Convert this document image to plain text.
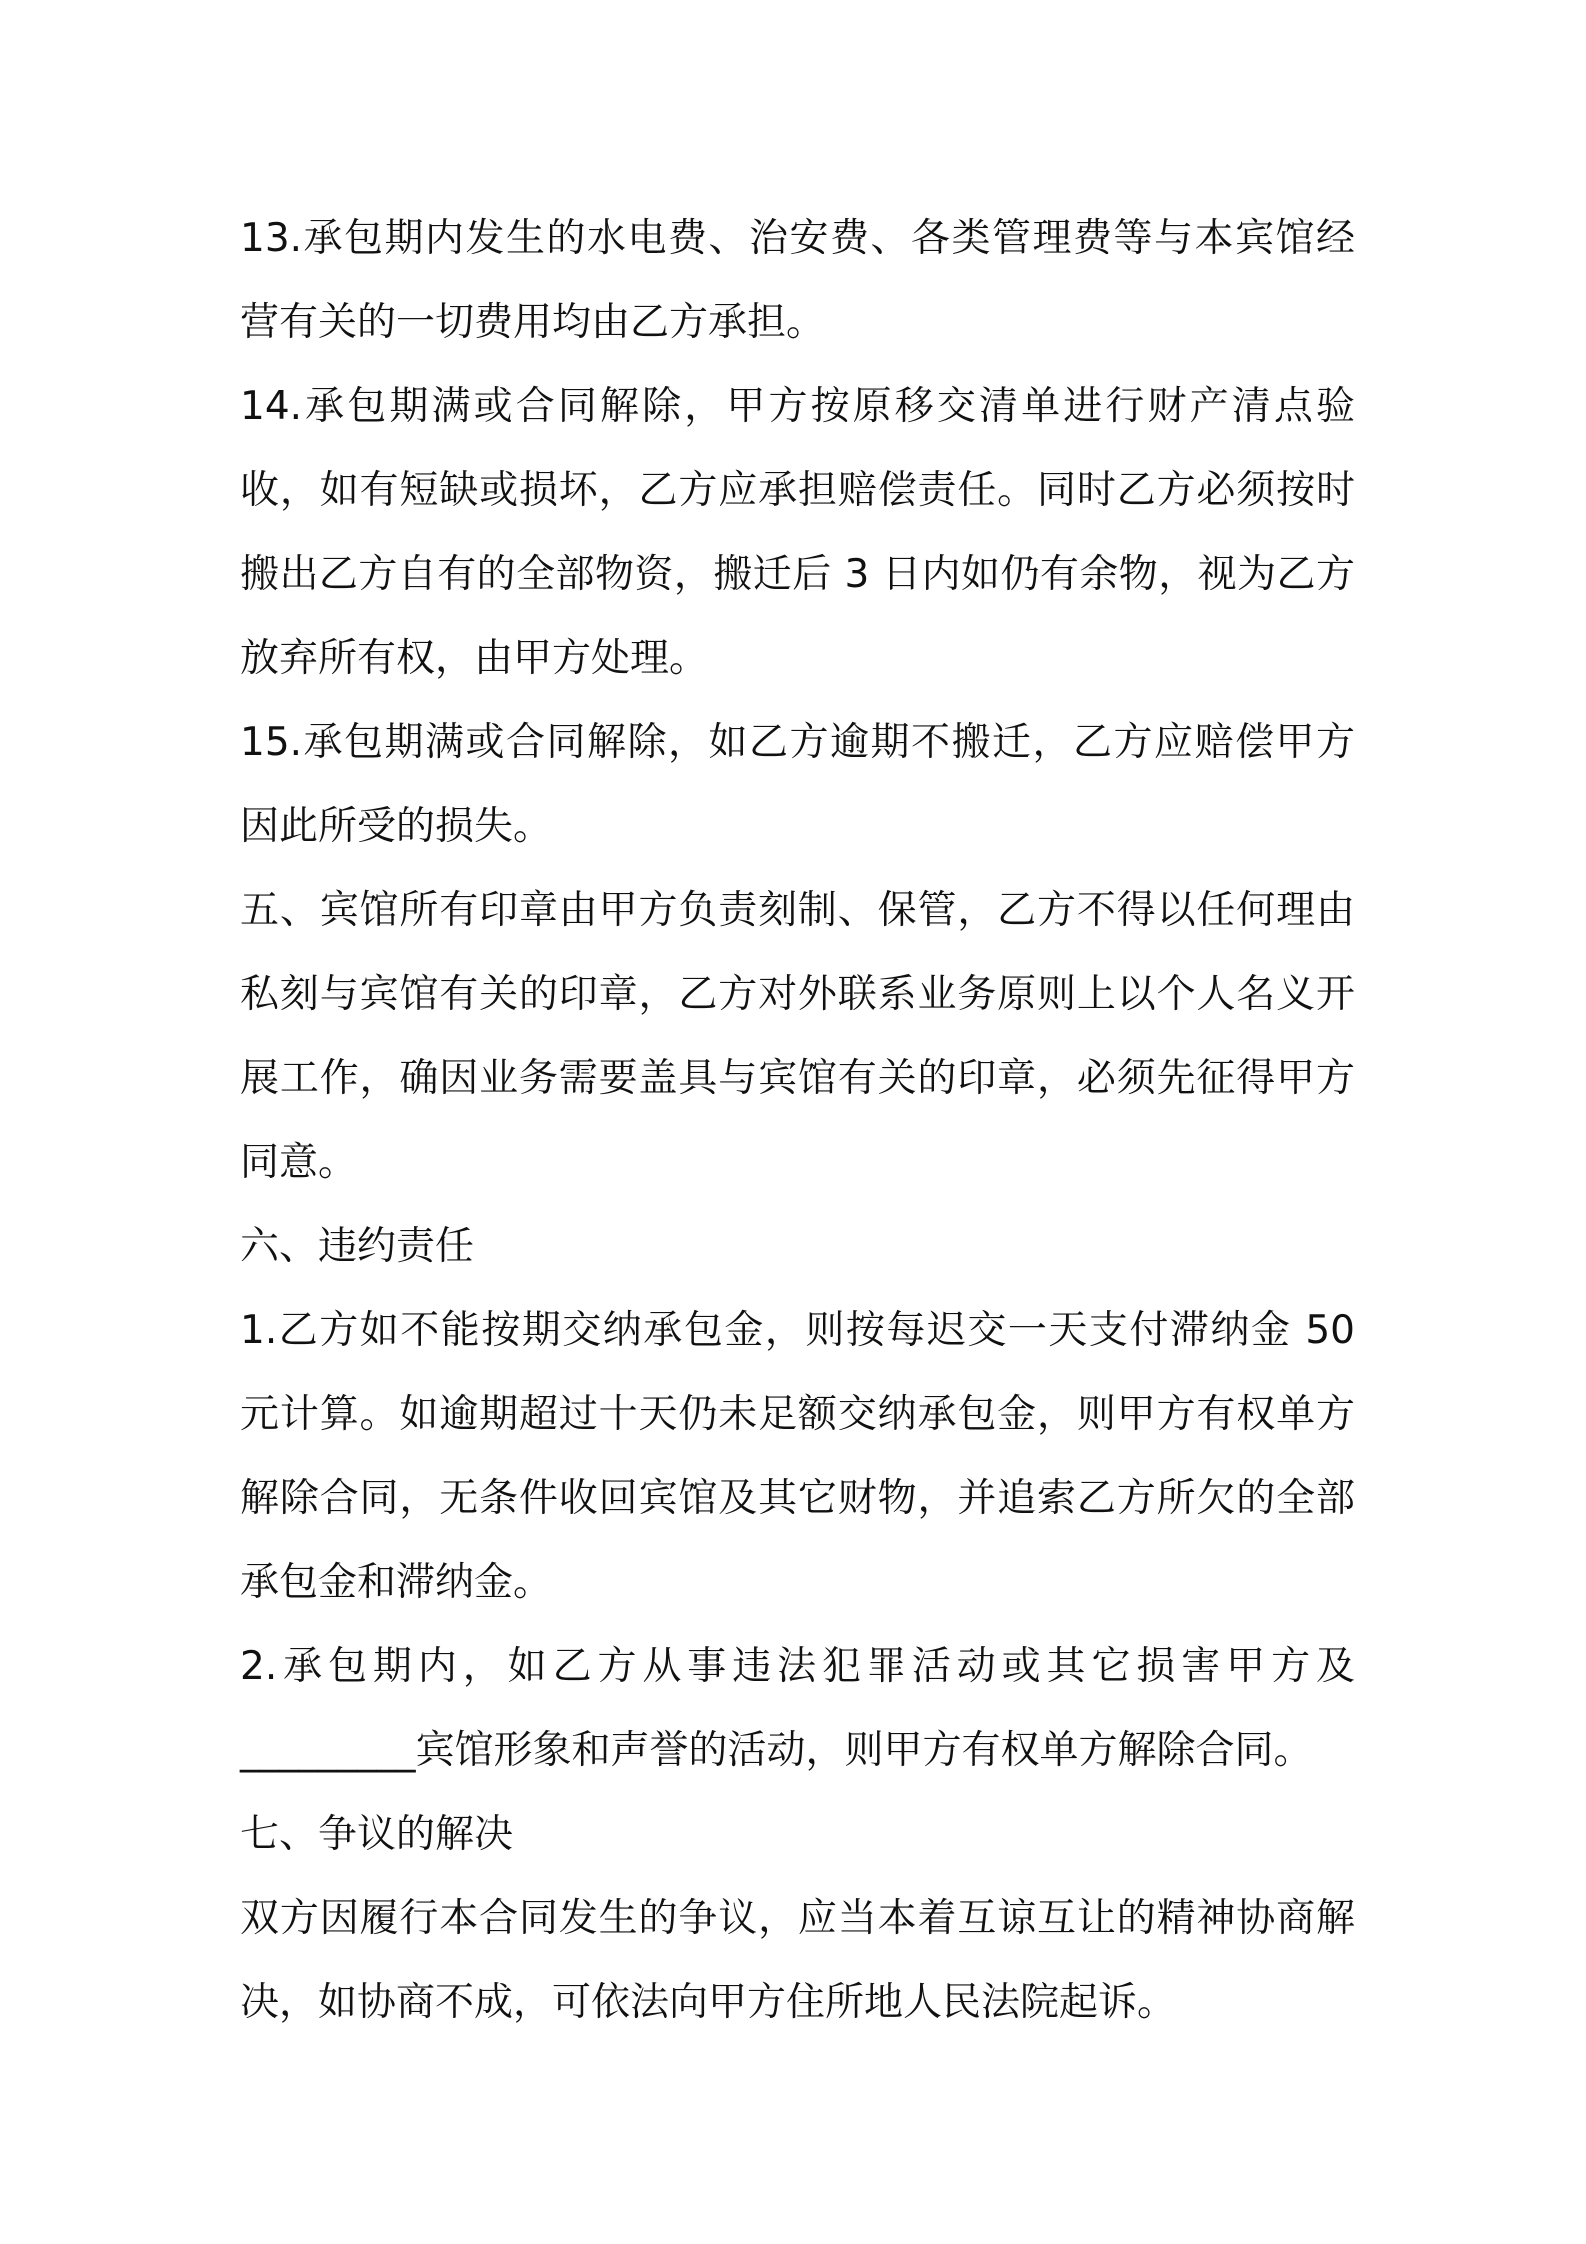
13.承包期内发生的水电费、治安费、各类管理费等与本宾馆经营有关的一切费用均由乙方承担。

14.承包期满或合同解除，甲方按原移交清单进行财产清点验收，如有短缺或损坏，乙方应承担赔偿责任。同时乙方必须按时搬出乙方自有的全部物资，搬迁后 3 日内如仍有余物，视为乙方放弃所有权，由甲方处理。

15.承包期满或合同解除，如乙方逾期不搬迁，乙方应赔偿甲方因此所受的损失。

五、宾馆所有印章由甲方负责刻制、保管，乙方不得以任何理由私刻与宾馆有关的印章，乙方对外联系业务原则上以个人名义开展工作，确因业务需要盖具与宾馆有关的印章，必须先征得甲方同意。

六、违约责任

1.乙方如不能按期交纳承包金，则按每迟交一天支付滞纳金 50 元计算。如逾期超过十天仍未足额交纳承包金，则甲方有权单方解除合同，无条件收回宾馆及其它财物，并追索乙方所欠的全部承包金和滞纳金。

2.承包期内，如乙方从事违法犯罪活动或其它损害甲方及

_________宾馆形象和声誉的活动，则甲方有权单方解除合同。

七、争议的解决

双方因履行本合同发生的争议，应当本着互谅互让的精神协商解决，如协商不成，可依法向甲方住所地人民法院起诉。
